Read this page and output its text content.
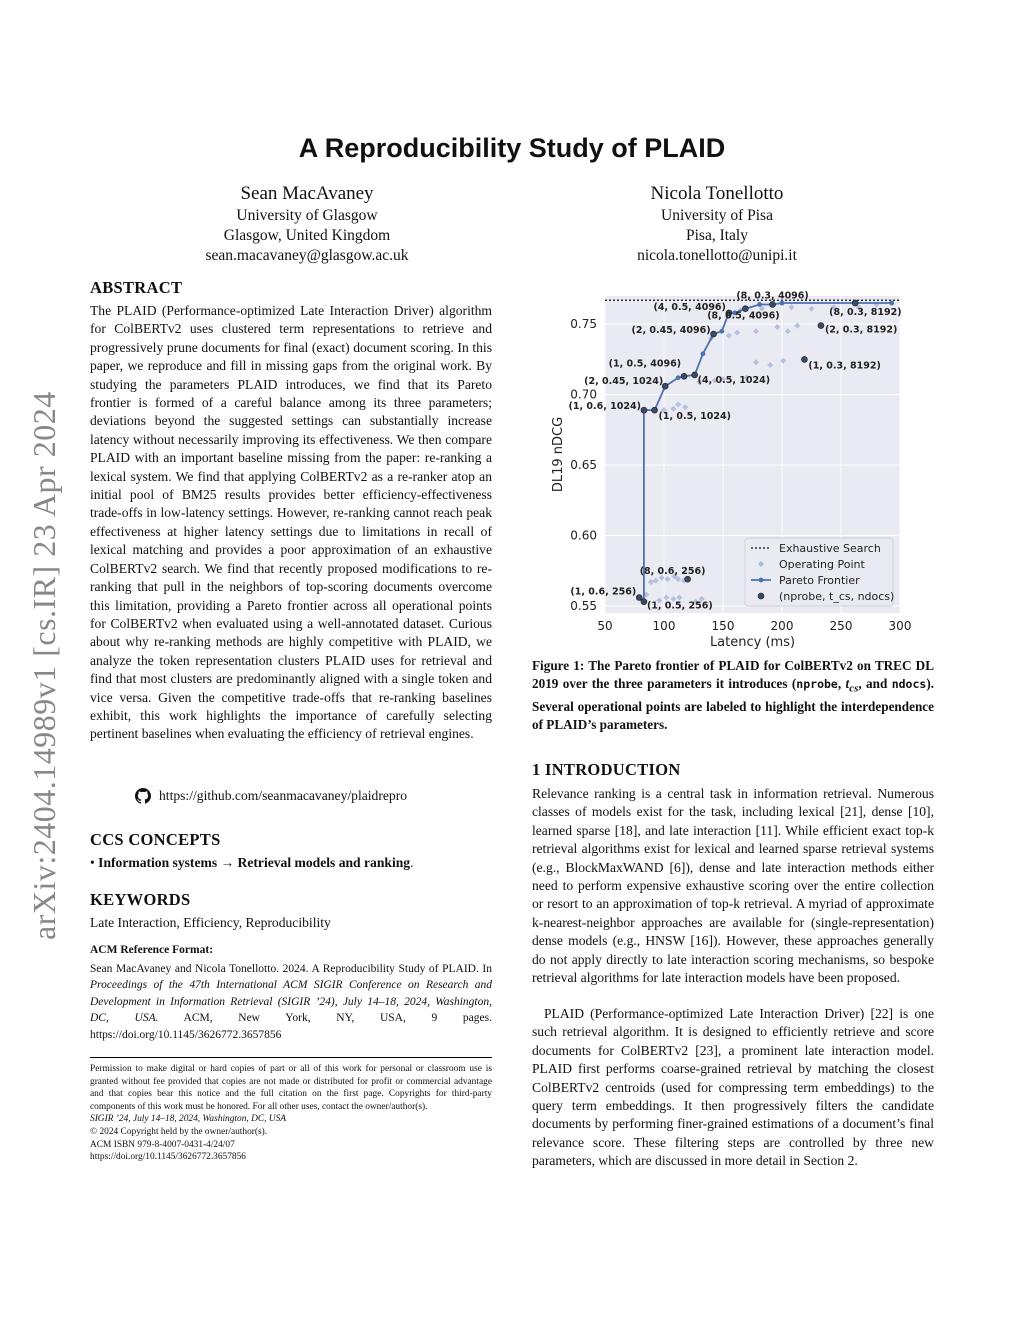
A Reproducibility Study of PLAID
Sean MacAvaney
University of Glasgow
Glasgow, United Kingdom
sean.macavaney@glasgow.ac.uk
Nicola Tonellotto
University of Pisa
Pisa, Italy
nicola.tonellotto@unipi.it
arXiv:2404.14989v1 [cs.IR] 23 Apr 2024
ABSTRACT
The PLAID (Performance-optimized Late Interaction Driver) algorithm for ColBERTv2 uses clustered term representations to retrieve and progressively prune documents for final (exact) document scoring. In this paper, we reproduce and fill in missing gaps from the original work. By studying the parameters PLAID introduces, we find that its Pareto frontier is formed of a careful balance among its three parameters; deviations beyond the suggested settings can substantially increase latency without necessarily improving its effectiveness. We then compare PLAID with an important baseline missing from the paper: re-ranking a lexical system. We find that applying ColBERTv2 as a re-ranker atop an initial pool of BM25 results provides better efficiency-effectiveness trade-offs in low-latency settings. However, re-ranking cannot reach peak effectiveness at higher latency settings due to limitations in recall of lexical matching and provides a poor approximation of an exhaustive ColBERTv2 search. We find that recently proposed modifications to re-ranking that pull in the neighbors of top-scoring documents overcome this limitation, providing a Pareto frontier across all operational points for ColBERTv2 when evaluated using a well-annotated dataset. Curious about why re-ranking methods are highly competitive with PLAID, we analyze the token representation clusters PLAID uses for retrieval and find that most clusters are predominantly aligned with a single token and vice versa. Given the competitive trade-offs that re-ranking baselines exhibit, this work highlights the importance of carefully selecting pertinent baselines when evaluating the efficiency of retrieval engines.
https://github.com/seanmacavaney/plaidrepro
CCS CONCEPTS
• Information systems → Retrieval models and ranking.
KEYWORDS
Late Interaction, Efficiency, Reproducibility
ACM Reference Format:
Sean MacAvaney and Nicola Tonellotto. 2024. A Reproducibility Study of PLAID. In Proceedings of the 47th International ACM SIGIR Conference on Research and Development in Information Retrieval (SIGIR ’24), July 14–18, 2024, Washington, DC, USA. ACM, New York, NY, USA, 9 pages. https://doi.org/10.1145/3626772.3657856
Permission to make digital or hard copies of part or all of this work for personal or classroom use is granted without fee provided that copies are not made or distributed for profit or commercial advantage and that copies bear this notice and the full citation on the first page. Copyrights for third-party components of this work must be honored. For all other uses, contact the owner/author(s).
SIGIR ’24, July 14–18, 2024, Washington, DC, USA
© 2024 Copyright held by the owner/author(s).
ACM ISBN 979-8-4007-0431-4/24/07
https://doi.org/10.1145/3626772.3657856
50	100	150	200	250	300
0.55
0.60
0.65
0.70
0.75
Latency (ms)
DL19 nDCG
(1, 0.6, 256)
(1, 0.5, 256)
(8, 0.6, 256)
(1, 0.6, 1024)
(1, 0.5, 1024)
(2, 0.45, 1024)
(1, 0.5, 4096)
(4, 0.5, 1024)
(2, 0.45, 4096)
(4, 0.5, 4096)
(8, 0.5, 4096)
(8, 0.3, 4096)
(8, 0.3, 8192)
(2, 0.3, 8192)
(1, 0.3, 8192)
Exhaustive Search
Operating Point
Pareto Frontier
(nprobe, t_cs, ndocs)
Figure 1: The Pareto frontier of PLAID for ColBERTv2 on TREC DL 2019 over the three parameters it introduces (nprobe, $t_{cs}$, and ndocs). Several operational points are labeled to highlight the interdependence of PLAID’s parameters.
1 INTRODUCTION
Relevance ranking is a central task in information retrieval. Numerous classes of models exist for the task, including lexical [21], dense [10], learned sparse [18], and late interaction [11]. While efficient exact top-k retrieval algorithms exist for lexical and learned sparse retrieval systems (e.g., BlockMaxWAND [6]), dense and late interaction methods either need to perform expensive exhaustive scoring over the entire collection or resort to an approximation of top-k retrieval. A myriad of approximate k-nearest-neighbor approaches are available for (single-representation) dense models (e.g., HNSW [16]). However, these approaches generally do not apply directly to late interaction scoring mechanisms, so bespoke retrieval algorithms for late interaction models have been proposed.
PLAID (Performance-optimized Late Interaction Driver) [22] is one such retrieval algorithm. It is designed to efficiently retrieve and score documents for ColBERTv2 [23], a prominent late interaction model. PLAID first performs coarse-grained retrieval by matching the closest ColBERTv2 centroids (used for compressing term embeddings) to the query term embeddings. It then progressively filters the candidate documents by performing finer-grained estimations of a document’s final relevance score. These filtering steps are controlled by three new parameters, which are discussed in more detail in Section 2.
